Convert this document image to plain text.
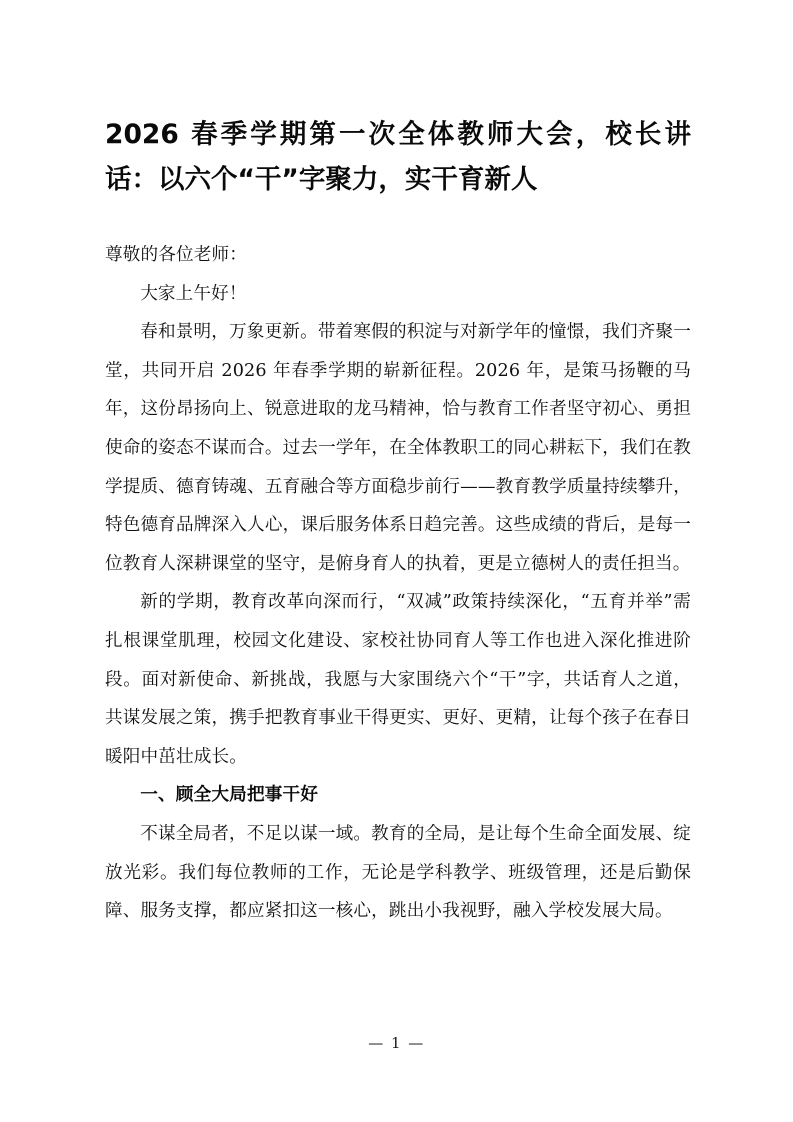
2026 春季学期第一次全体教师大会，校长讲话：以六个“干”字聚力，实干育新人

尊敬的各位老师：

大家上午好！

春和景明，万象更新。带着寒假的积淀与对新学年的憧憬，我们齐聚一堂，共同开启 2026 年春季学期的崭新征程。2026 年，是策马扬鞭的马年，这份昂扬向上、锐意进取的龙马精神，恰与教育工作者坚守初心、勇担使命的姿态不谋而合。过去一学年，在全体教职工的同心耕耘下，我们在教学提质、德育铸魂、五育融合等方面稳步前行——教育教学质量持续攀升，特色德育品牌深入人心，课后服务体系日趋完善。这些成绩的背后，是每一位教育人深耕课堂的坚守，是俯身育人的执着，更是立德树人的责任担当。

新的学期，教育改革向深而行，“双减”政策持续深化，“五育并举”需扎根课堂肌理，校园文化建设、家校社协同育人等工作也进入深化推进阶段。面对新使命、新挑战，我愿与大家围绕六个“干”字，共话育人之道，共谋发展之策，携手把教育事业干得更实、更好、更精，让每个孩子在春日暖阳中茁壮成长。

一、顾全大局把事干好

不谋全局者，不足以谋一域。教育的全局，是让每个生命全面发展、绽放光彩。我们每位教师的工作，无论是学科教学、班级管理，还是后勤保障、服务支撑，都应紧扣这一核心，跳出小我视野，融入学校发展大局。

— 1 —
